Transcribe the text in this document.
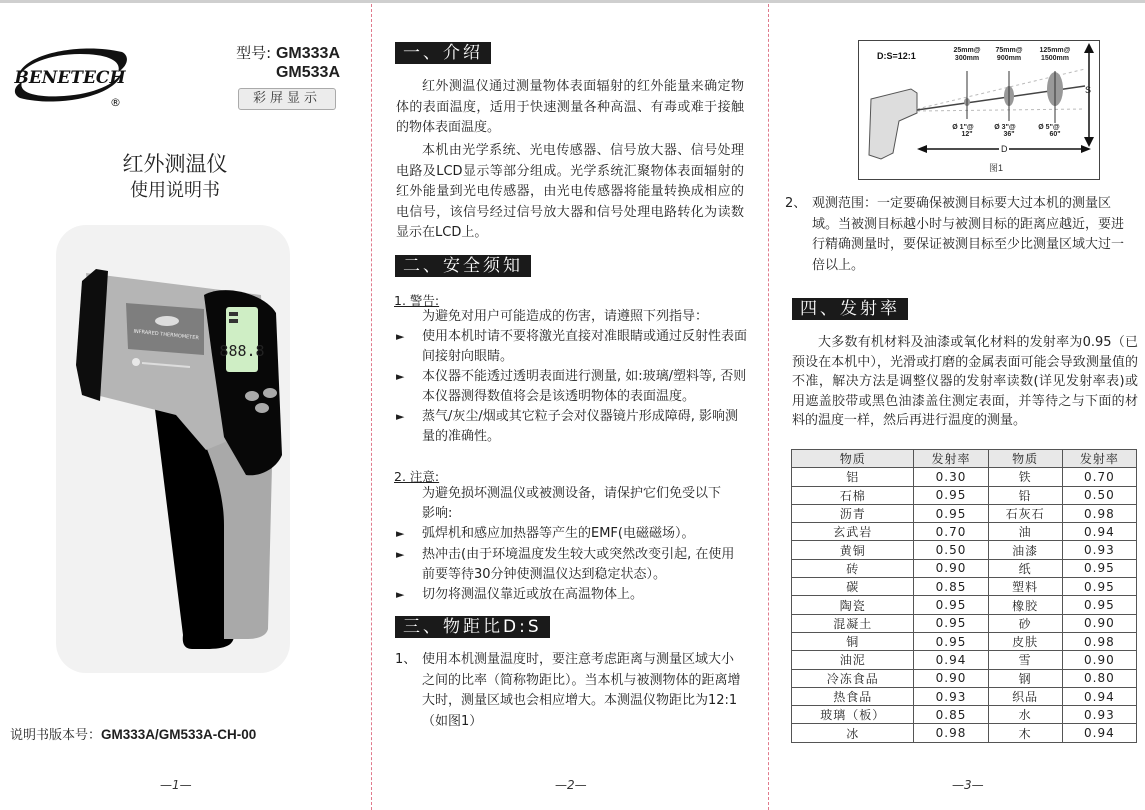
BENETECH
®
型号: GM333A
GM533A
彩屏显示
红外测温仪
使用说明书
INFRARED THERMOMETER
888.8
说明书版本号：GM333A/GM533A-CH-00
—1—
一、介绍
红外测温仪通过测量物体表面辐射的红外能量来确定物体的表面温度，适用于快速测量各种高温、有毒或难于接触的物体表面温度。
本机由光学系统、光电传感器、信号放大器、信号处理电路及LCD显示等部分组成。光学系统汇聚物体表面辐射的红外能量到光电传感器，由光电传感器将能量转换成相应的电信号，该信号经过信号放大器和信号处理电路转化为读数显示在LCD上。
二、安全须知
1. 警告:
为避免对用户可能造成的伤害，请遵照下列指导：
► 使用本机时请不要将激光直接对准眼睛或通过反射性表面间接射向眼睛。
► 本仪器不能透过透明表面进行测量, 如:玻璃/塑料等, 否则本仪器测得数值将会是该透明物体的表面温度。
► 蒸气/灰尘/烟或其它粒子会对仪器镜片形成障碍, 影响测量的准确性。
2. 注意:
为避免损坏测温仪或被测设备，请保护它们免受以下影响:
► 弧焊机和感应加热器等产生的EMF(电磁磁场）。
► 热冲击(由于环境温度发生较大或突然改变引起, 在使用前要等待30分钟使测温仪达到稳定状态）。
► 切勿将测温仪靠近或放在高温物体上。
三、物距比D:S
1、 使用本机测量温度时，要注意考虑距离与测量区域大小之间的比率（简称物距比）。当本机与被测物体的距离增大时，测量区域也会相应增大。本测温仪物距比为12:1（如图1）
—2—
D:S=12:1
25mm@
300mm
75mm@
900mm
125mm@
1500mm
Ø 1"@
12"
Ø 3"@
36"
Ø 5"@
60"
S
D
图1
2、 观测范围：一定要确保被测目标要大过本机的测量区域。当被测目标越小时与被测目标的距离应越近，要进行精确测量时，要保证被测目标至少比测量区域大过一倍以上。
四、发射率
大多数有机材料及油漆或氧化材料的发射率为0.95（已预设在本机中），光滑或打磨的金属表面可能会导致测量值的不准，解决方法是调整仪器的发射率读数(详见发射率表)或用遮盖胶带或黑色油漆盖住测定表面，并等待之与下面的材料的温度一样，然后再进行温度的测量。
物质	发射率	物质	发射率
铝	0.30	铁	0.70
石棉	0.95	铅	0.50
沥青	0.95	石灰石	0.98
玄武岩	0.70	油	0.94
黄铜	0.50	油漆	0.93
砖	0.90	纸	0.95
碳	0.85	塑料	0.95
陶瓷	0.95	橡胶	0.95
混凝土	0.95	砂	0.90
铜	0.95	皮肤	0.98
油泥	0.94	雪	0.90
冷冻食品	0.90	钢	0.80
热食品	0.93	织品	0.94
玻璃（板）	0.85	水	0.93
冰	0.98	木	0.94
—3—
